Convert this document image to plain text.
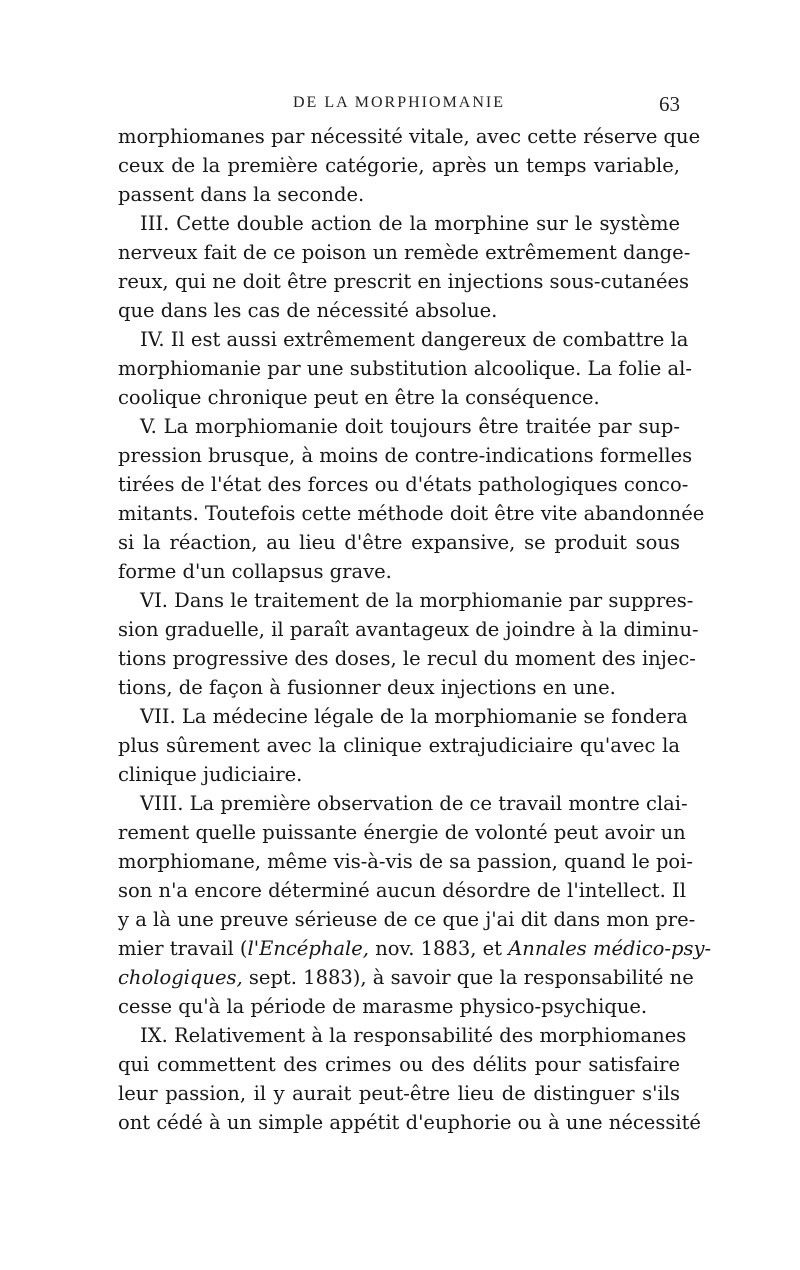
DE LA MORPHIOMANIE	63
morphiomanes par nécessité vitale, avec cette réserve que
ceux de la première catégorie, après un temps variable,
passent dans la seconde.
III. Cette double action de la morphine sur le système
nerveux fait de ce poison un remède extrêmement dange-
reux, qui ne doit être prescrit en injections sous-cutanées
que dans les cas de nécessité absolue.
IV. Il est aussi extrêmement dangereux de combattre la
morphiomanie par une substitution alcoolique. La folie al-
coolique chronique peut en être la conséquence.
V. La morphiomanie doit toujours être traitée par sup-
pression brusque, à moins de contre-indications formelles
tirées de l'état des forces ou d'états pathologiques conco-
mitants. Toutefois cette méthode doit être vite abandonnée
si la réaction, au lieu d'être expansive, se produit sous
forme d'un collapsus grave.
VI. Dans le traitement de la morphiomanie par suppres-
sion graduelle, il paraît avantageux de joindre à la diminu-
tions progressive des doses, le recul du moment des injec-
tions, de façon à fusionner deux injections en une.
VII. La médecine légale de la morphiomanie se fondera
plus sûrement avec la clinique extrajudiciaire qu'avec la
clinique judiciaire.
VIII. La première observation de ce travail montre clai-
rement quelle puissante énergie de volonté peut avoir un
morphiomane, même vis-à-vis de sa passion, quand le poi-
son n'a encore déterminé aucun désordre de l'intellect. Il
y a là une preuve sérieuse de ce que j'ai dit dans mon pre-
mier travail (l'Encéphale, nov. 1883, et Annales médico-psy-
chologiques, sept. 1883), à savoir que la responsabilité ne
cesse qu'à la période de marasme physico-psychique.
IX. Relativement à la responsabilité des morphiomanes
qui commettent des crimes ou des délits pour satisfaire
leur passion, il y aurait peut-être lieu de distinguer s'ils
ont cédé à un simple appétit d'euphorie ou à une nécessité
